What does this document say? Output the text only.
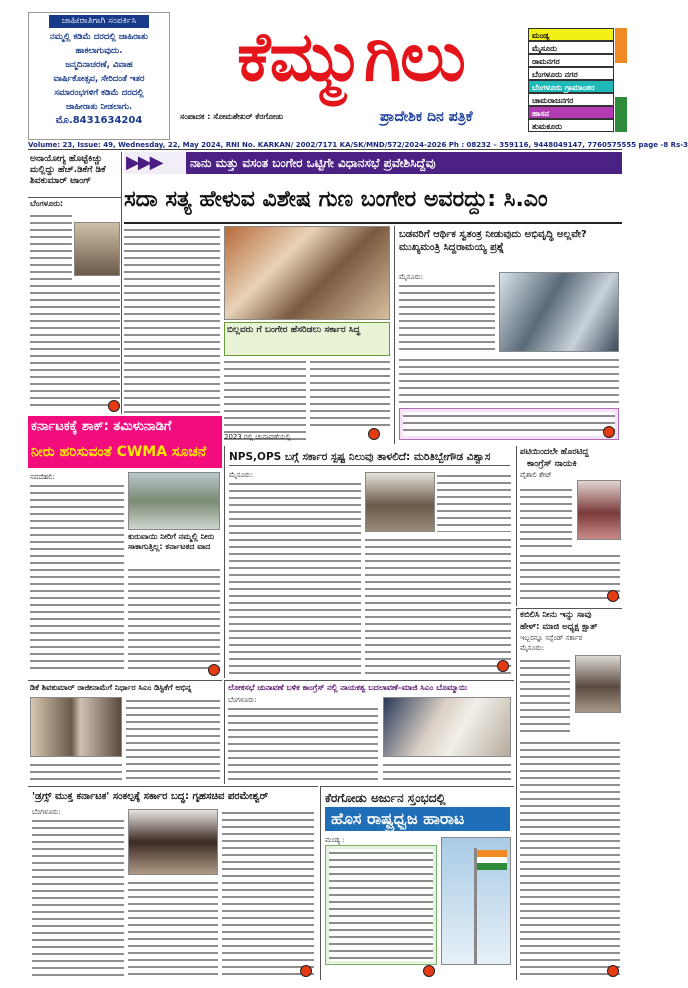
ಜಾಹೀರಾತಿಗಾಗಿ ಸಂಪರ್ಕಿಸಿ
ನಮ್ಮಲ್ಲಿ ಕಡಿಮೆ ದರದಲ್ಲಿ ಜಾಹಿರಾತು
ಹಾಕಲಾಗುವುದು.
ಜನ್ಮದಿನಾಚರಣೆ, ವಿವಾಹ
ವಾರ್ಷಿಕೋತ್ಸವ, ಸೇರಿದಂತೆ ಇತರ
ಸಮಾರಂಭಗಳಿಗೆ ಕಡಿಮೆ ದರದಲ್ಲಿ
ಜಾಹೀರಾತು ನೀಡಲಾಗು.
ಮೊ.8431634204
ಕೆಮ್ಮುಗಿಲು
ಸಂಪಾದಕ : ಸೋಮಶೇಖರ್ ಕೆರಗೋಡು	ಪ್ರಾದೇಶಿಕ ದಿನ ಪತ್ರಿಕೆ
ಮಂಡ್ಯ
ಮೈಸೂರು
ರಾಮನಗರ
ಬೆಂಗಳೂರು ನಗರ
ಬೆಂಗಳೂರು ಗ್ರಾಮಾಂತರ
ಚಾಮರಾಜನಗರ
ಹಾಸನ
ತುಮಕೂರು
Volume: 23, Issue: 49, Wednesday, 22, May 2024, RNI No. KARKAN/ 2002/7171 KA/SK/MND/572/2024-2026 Ph : 08232 – 359116, 9448049147, 7760575555 page -8 Rs-3
ಅನಾಯೋಗ್ಯ ಹೊಟ್ಟೆಕಿಚ್ಚು ಮಲ್ಲಿದ್ದು ಹೆಚ್.ಡಿಕೆಗೆ ಡಿಕೆ ಶಿವಕುಮಾರ್ ಟಾಂಗ್
ಬೆಂಗಳೂರು:
▶▶▶	ನಾನು ಮತ್ತು ವಸಂತ ಬಂಗೇರ ಒಟ್ಟಿಗೇ ವಿಧಾನಸಭೆ ಪ್ರವೇಶಿಸಿದ್ದೆವು
ಸದಾ ಸತ್ಯ ಹೇಳುವ ವಿಶೇಷ ಗುಣ ಬಂಗೇರ ಅವರದ್ದು: ಸಿ.ಎಂ
ಬಿಲ್ಲವರು ಗೆ ಬಂಗೇರ ಹೆಸರಿಡಲು ಸರ್ಕಾರ ಸಿದ್ಧ
2023 ರಲ್ಲಿ ಚುನಾವಣೆಯಲ್ಲಿ
ಬಡವರಿಗೆ ಆರ್ಥಿಕ ಸ್ವತಂತ್ರ ನೀಡುವುದು ಅಭಿವೃದ್ಧಿ ಅಲ್ಲವೇ? ಮುಖ್ಯಮಂತ್ರಿ ಸಿದ್ದರಾಮಯ್ಯ ಪ್ರಶ್ನೆ
ಮೈಸೂರು:
ಕರ್ನಾಟಕಕ್ಕೆ ಶಾಕ್: ತಮಿಳುನಾಡಿಗೆ
ನೀರು ಹರಿಸುವಂತೆ CWMA ಸೂಚನೆ
ನವದೆಹಲಿ:
ಕುರುವಾಯಿ ನೀರಿಗೆ ನಮ್ಮಲ್ಲಿ ನೀರು ಸಾಕಾಗುತ್ತಿಲ್ಲ: ಕರ್ನಾಟಕದ ವಾದ
NPS,OPS ಬಗ್ಗೆ ಸರ್ಕಾರ ಸ್ಪಷ್ಟ ನಿಲುವು ತಾಳಲಿದೆ: ಮರಿತಿಬ್ಬೇಗೌಡ ವಿಶ್ವಾಸ
ಮೈಸೂರು:
ಪಟಿಯಿಂದಲೇ ಹೊರಟಿದ್ದ
ಕಾಂಗ್ರೆಸ್ ನಾಯಕಿ
ವೈಶಾಲಿ ಶೇಟ್
ಕಬಿಲಿಸಿ ನೀನು ಇನ್ನು ಸಾವು
ಹೇಳ್: ಮಾಜಿ ಅಧ್ಯಕ್ಷ ಕ್ಷಾತ್
ಇಬ್ಬರನ್ನೂ ಸಸ್ಪೆಂಡ್ ಸರ್ಕಾರ
ಮೈಸೂರು:
ಡಿಕೆ ಶಿವಕುಮಾರ್ ರಾಜೀನಾಮೆಗೆ ನಿರ್ಧಾರ ಸಿಎಂ ಡಿಸ್ಟಿಕೆಗೆ ಅಭಿನ್ನ	ಲೋಕಸಭೆ ಚುನಾವಣೆ ಬಳಿಕ ಕಾಂಗ್ರೆಸ್ ನಲ್ಲಿ ನಾಯಕತ್ವ ಬದಲಾವಣೆ–ಮಾಜಿ ಸಿಎಂ ಬೊಮ್ಮಾಯಿ
ಬೆಂಗಳೂರು:
'ಡ್ರಗ್ಸ್ ಮುಕ್ತ ಕರ್ನಾಟಕ' ಸಂಕಲ್ಪಕ್ಕೆ ಸರ್ಕಾರ ಬದ್ಧ: ಗೃಹಸಚಿವ ಪರಮೇಶ್ವರ್
ಬೆಂಗಳೂರು:
ಕೆರಗೋಡು ಅರ್ಜುನ ಸ್ತಂಭದಲ್ಲಿ
ಹೊಸ ರಾಷ್ಟ್ರಧ್ವಜ ಹಾರಾಟ
ಮಂಡ್ಯ :
